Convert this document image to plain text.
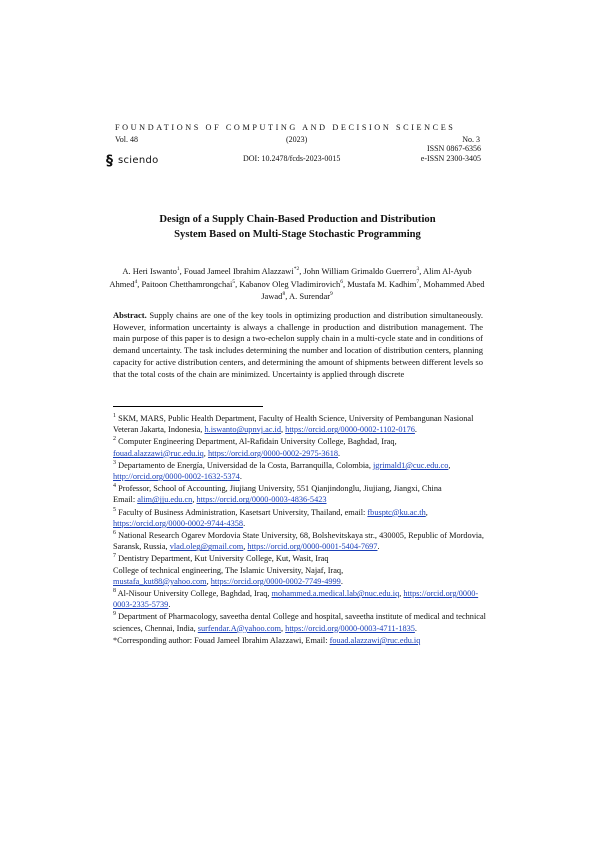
FOUNDATIONS OF COMPUTING AND DECISION SCIENCES
Vol. 48	(2023)	No. 3
ISSN 0867-6356
DOI: 10.2478/fcds-2023-0015	e-ISSN 2300-3405
§ sciendo
Design of a Supply Chain-Based Production and Distribution
System Based on Multi-Stage Stochastic Programming
A. Heri Iswanto$^1$, Fouad Jameel Ibrahim Alazzawi$^{*2}$, John William Grimaldo Guerrero$^3$, Alim Al-Ayub Ahmed$^4$, Paitoon Chetthamrongchai$^5$, Kabanov Oleg Vladimirovich$^6$, Mustafa M. Kadhim$^7$, Mohammed Abed Jawad$^8$, A. Surendar$^9$
Abstract. Supply chains are one of the key tools in optimizing production and distribution simultaneously. However, information uncertainty is always a challenge in production and distribution management. The main purpose of this paper is to design a two-echelon supply chain in a multi-cycle state and in conditions of demand uncertainty. The task includes determining the number and location of distribution centers, planning capacity for active distribution centers, and determining the amount of shipments between different levels so that the total costs of the chain are minimized. Uncertainty is applied through discrete
$^1$ SKM, MARS, Public Health Department, Faculty of Health Science, University of Pembangunan Nasional Veteran Jakarta, Indonesia, h.iswanto@upnvj.ac.id, https://orcid.org/0000-0002-1102-0176.
$^2$ Computer Engineering Department, Al-Rafidain University College, Baghdad, Iraq, fouad.alazzawi@ruc.edu.iq, https://orcid.org/0000-0002-2975-3618.
$^3$ Departamento de Energía, Universidad de la Costa, Barranquilla, Colombia, jgrimald1@cuc.edu.co, http://orcid.org/0000-0002-1632-5374.
$^4$ Professor, School of Accounting, Jiujiang University, 551 Qianjindonglu, Jiujiang, Jiangxi, China
Email: alim@jju.edu.cn, https://orcid.org/0000-0003-4836-5423
$^5$ Faculty of Business Administration, Kasetsart University, Thailand, email: fbusptc@ku.ac.th, https://orcid.org/0000-0002-9744-4358.
$^6$ National Research Ogarev Mordovia State University, 68, Bolshevitskaya str., 430005, Republic of Mordovia, Saransk, Russia, vlad.oleg@gmail.com, https://orcid.org/0000-0001-5404-7697.
$^7$ Dentistry Department, Kut University College, Kut, Wasit, Iraq
College of technical engineering, The Islamic University, Najaf, Iraq,
mustafa_kut88@yahoo.com, https://orcid.org/0000-0002-7749-4999.
$^8$ Al-Nisour University College, Baghdad, Iraq, mohammed.a.medical.lab@nuc.edu.iq, https://orcid.org/0000-0003-2335-5739.
$^9$ Department of Pharmacology, saveetha dental College and hospital, saveetha institute of medical and technical sciences, Chennai, India, surfendar.A@yahoo.com, https://orcid.org/0000-0003-4711-1835.
*Corresponding author: Fouad Jameel Ibrahim Alazzawi, Email: fouad.alazzawi@ruc.edu.iq
